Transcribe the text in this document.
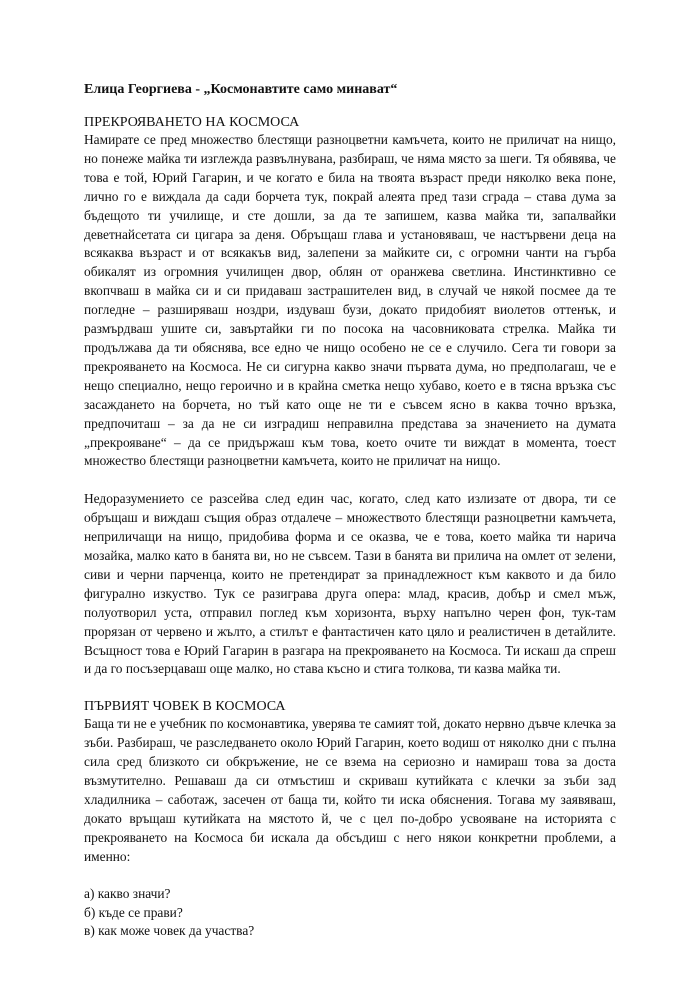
Елица Георгиева - „Космонавтите само минават“
ПРЕКРОЯВАНЕТО НА КОСМОСА

Намирате се пред множество блестящи разноцветни камъчета, които не приличат на нищо, но понеже майка ти изглежда развълнувана, разбираш, че няма място за шеги. Тя обявява, че това е той, Юрий Гагарин, и че когато е била на твоята възраст преди няколко века поне, лично го е виждала да сади борчета тук, покрай алеята пред тази сграда – става дума за бъдещото ти училище, и сте дошли, за да те запишем, казва майка ти, запалвайки деветнайсетата си цигара за деня. Обръщаш глава и установяваш, че настървени деца на всякаква възраст и от всякакъв вид, залепени за майките си, с огромни чанти на гърба обикалят из огромния училищен двор, облян от оранжева светлина. Инстинктивно се вкопчваш в майка си и си придаваш застрашителен вид, в случай че някой посмее да те погледне – разширяваш ноздри, издуваш бузи, докато придобият виолетов оттенък, и размърдваш ушите си, завъртайки ги по посока на часовниковата стрелка. Майка ти продължава да ти обяснява, все едно че нищо особено не се е случило. Сега ти говори за прекрояването на Космоса. Не си сигурна какво значи първата дума, но предполагаш, че е нещо специално, нещо героично и в крайна сметка нещо хубаво, което е в тясна връзка със засаждането на борчета, но тъй като още не ти е съвсем ясно в каква точно връзка, предпочиташ – за да не си изградиш неправилна представа за значението на думата „прекрояване“ – да се придържаш към това, което очите ти виждат в момента, тоест множество блестящи разноцветни камъчета, които не приличат на нищо.

Недоразумението се разсейва след един час, когато, след като излизате от двора, ти се обръщаш и виждаш същия образ отдалече – множеството блестящи разноцветни камъчета, неприличащи на нищо, придобива форма и се оказва, че е това, което майка ти нарича мозайка, малко като в банята ви, но не съвсем. Тази в банята ви прилича на омлет от зелени, сиви и черни парченца, които не претендират за принадлежност към каквото и да било фигурално изкуство. Тук се разиграва друга опера: млад, красив, добър и смел мъж, полуотворил уста, отправил поглед към хоризонта, върху напълно черен фон, тук-там прорязан от червено и жълто, а стилът е фантастичен като цяло и реалистичен в детайлите. Всъщност това е Юрий Гагарин в разгара на прекрояването на Космоса. Ти искаш да спреш и да го посъзерцаваш още малко, но става късно и стига толкова, ти казва майка ти.

ПЪРВИЯТ ЧОВЕК В КОСМОСА

Баща ти не е учебник по космонавтика, уверява те самият той, докато нервно дъвче клечка за зъби. Разбираш, че разследването около Юрий Гагарин, което водиш от няколко дни с пълна сила сред близкото си обкръжение, не се взема на сериозно и намираш това за доста възмутително. Решаваш да си отмъстиш и скриваш кутийката с клечки за зъби зад хладилника – саботаж, засечен от баща ти, който ти иска обяснения. Тогава му заявяваш, докато връщаш кутийката на мястото й, че с цел по-добро усвояване на историята с прекрояването на Космоса би искала да обсъдиш с него някои конкретни проблеми, а именно:

а) какво значи?
б) къде се прави?
в) как може човек да участва?
